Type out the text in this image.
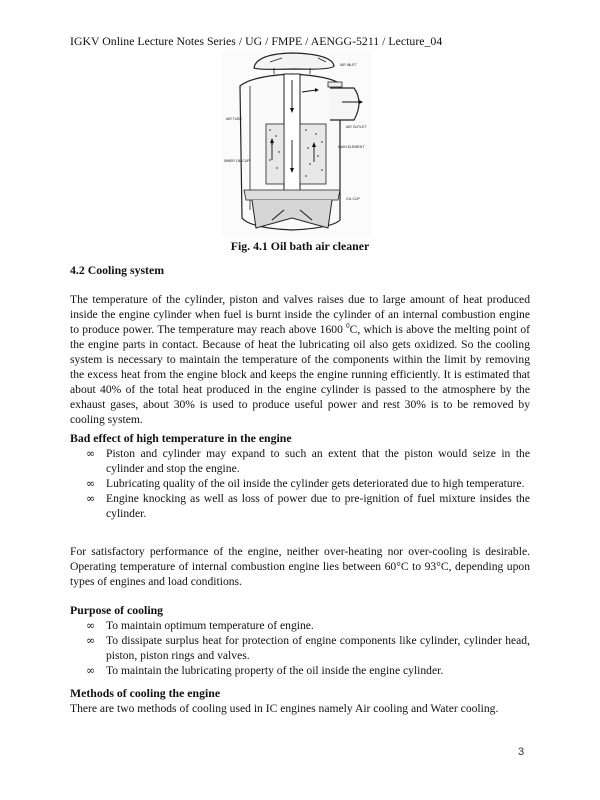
IGKV Online Lecture Notes Series / UG / FMPE / AENGG-5211 / Lecture_04
AIR INLET
AIR OUTLET
AIR TUBE
MAIN ELEMENT
INNER OIL CUP
OIL CUP
Fig. 4.1 Oil bath air cleaner
4.2 Cooling system

The temperature of the cylinder, piston and valves raises due to large amount of heat produced inside the engine cylinder when fuel is burnt inside the cylinder of an internal combustion engine to produce power. The temperature may reach above 1600 $^0$C, which is above the melting point of the engine parts in contact. Because of heat the lubricating oil also gets oxidized. So the cooling system is necessary to maintain the temperature of the components within the limit by removing the excess heat from the engine block and keeps the engine running efficiently. It is estimated that about 40% of the total heat produced in the engine cylinder is passed to the atmosphere by the exhaust gases, about 30% is used to produce useful power and rest 30% is to be removed by cooling system.

Bad effect of high temperature in the engine
∞ Piston and cylinder may expand to such an extent that the piston would seize in the cylinder and stop the engine.
∞ Lubricating quality of the oil inside the cylinder gets deteriorated due to high temperature.
∞ Engine knocking as well as loss of power due to pre-ignition of fuel mixture insides the cylinder.

For satisfactory performance of the engine, neither over-heating nor over-cooling is desirable. Operating temperature of internal combustion engine lies between 60°C to 93°C, depending upon types of engines and load conditions.

Purpose of cooling
∞ To maintain optimum temperature of engine.
∞ To dissipate surplus heat for protection of engine components like cylinder, cylinder head, piston, piston rings and valves.
∞ To maintain the lubricating property of the oil inside the engine cylinder.
Methods of cooling the engine

There are two methods of cooling used in IC engines namely Air cooling and Water cooling.

3
